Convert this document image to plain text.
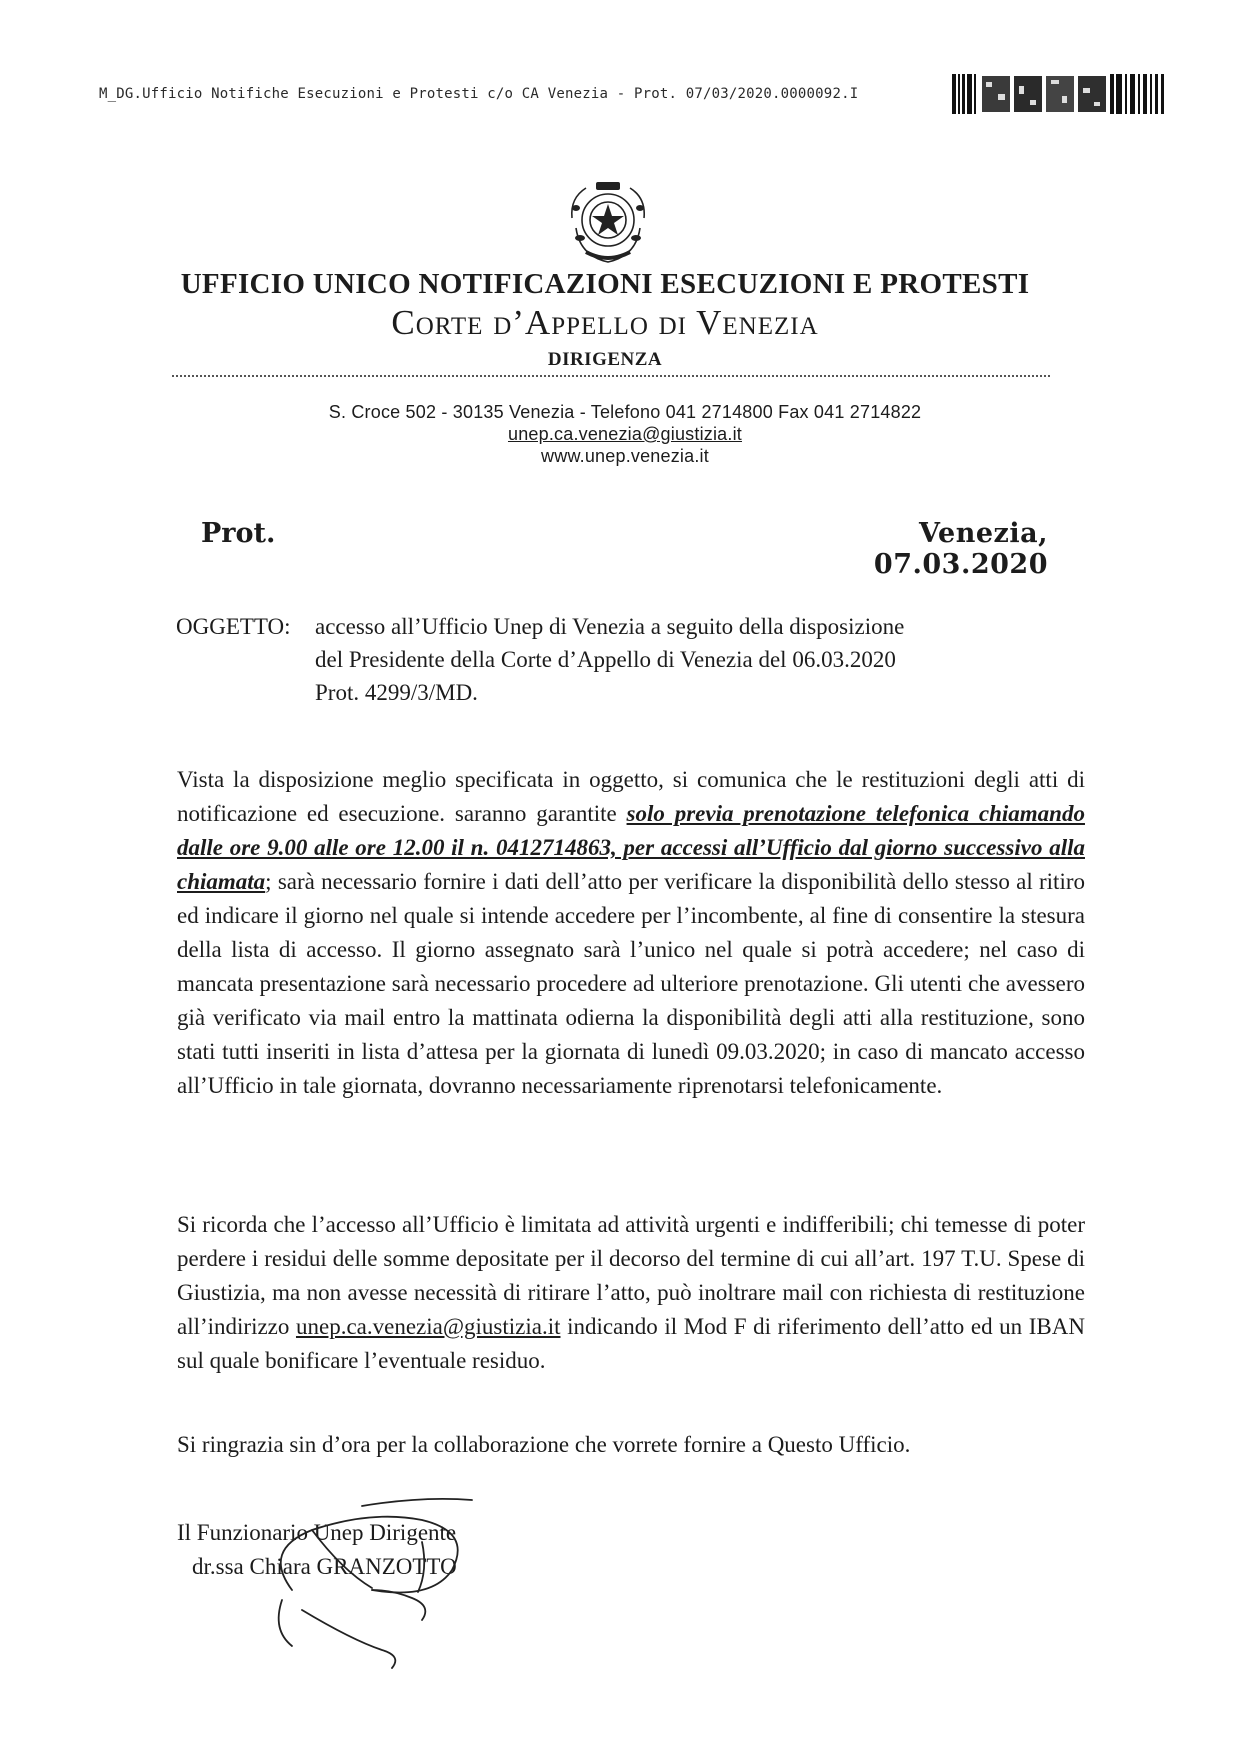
M_DG.Ufficio Notifiche Esecuzioni e Protesti c/o CA Venezia - Prot. 07/03/2020.0000092.I
UFFICIO UNICO NOTIFICAZIONI ESECUZIONI E PROTESTI
Corte d’Appello di Venezia
DIRIGENZA
S. Croce 502 - 30135 Venezia - Telefono 041 2714800 Fax 041 2714822
unep.ca.venezia@giustizia.it
www.unep.venezia.it
Prot.	Venezia, 07.03.2020
OGGETTO: accesso all’Ufficio Unep di Venezia a seguito della disposizione
del Presidente della Corte d’Appello di Venezia del 06.03.2020
Prot. 4299/3/MD.
Vista la disposizione meglio specificata in oggetto, si comunica che le restituzioni degli atti di notificazione ed esecuzione. saranno garantite solo previa prenotazione telefonica chiamando dalle ore 9.00 alle ore 12.00 il n. 0412714863, per accessi all’Ufficio dal giorno successivo alla chiamata; sarà necessario fornire i dati dell’atto per verificare la disponibilità dello stesso al ritiro ed indicare il giorno nel quale si intende accedere per l’incombente, al fine di consentire la stesura della lista di accesso. Il giorno assegnato sarà l’unico nel quale si potrà accedere; nel caso di mancata presentazione sarà necessario procedere ad ulteriore prenotazione. Gli utenti che avessero già verificato via mail entro la mattinata odierna la disponibilità degli atti alla restituzione, sono stati tutti inseriti in lista d’attesa per la giornata di lunedì 09.03.2020; in caso di mancato accesso all’Ufficio in tale giornata, dovranno necessariamente riprenotarsi telefonicamente.
Si ricorda che l’accesso all’Ufficio è limitata ad attività urgenti e indifferibili; chi temesse di poter perdere i residui delle somme depositate per il decorso del termine di cui all’art. 197 T.U. Spese di Giustizia, ma non avesse necessità di ritirare l’atto, può inoltrare mail con richiesta di restituzione all’indirizzo unep.ca.venezia@giustizia.it indicando il Mod F di riferimento dell’atto ed un IBAN sul quale bonificare l’eventuale residuo.
Si ringrazia sin d’ora per la collaborazione che vorrete fornire a Questo Ufficio.
Il Funzionario Unep Dirigente
dr.ssa Chiara GRANZOTTO
